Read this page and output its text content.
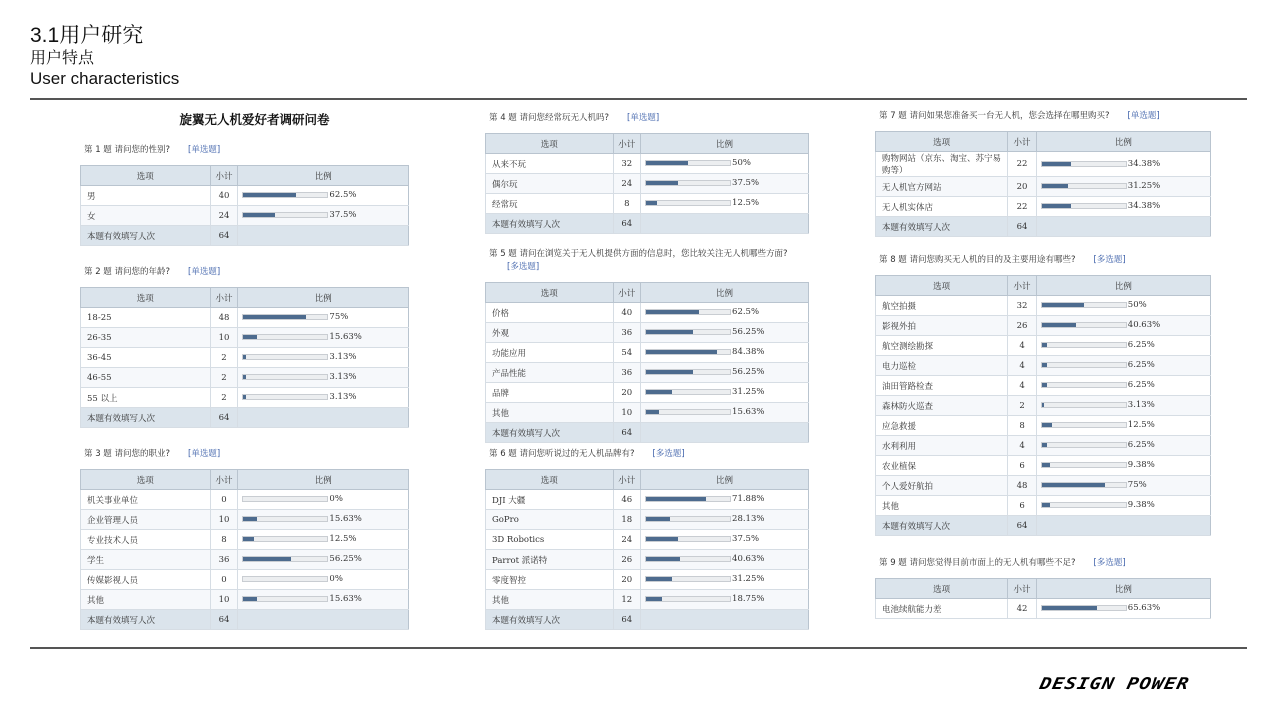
3.1用户研究
用户特点
User characteristics
旋翼无人机爱好者调研问卷
第 1 题 请问您的性别? [单选题]
选项	小计	比例
男	40	62.5%
女	24	37.5%
本题有效填写人次	64	
第 2 题 请问您的年龄? [单选题]
选项	小计	比例
18-25	48	75%
26-35	10	15.63%
36-45	2	3.13%
46-55	2	3.13%
55 以上	2	3.13%
本题有效填写人次	64	
第 3 题 请问您的职业? [单选题]
选项	小计	比例
机关事业单位	0	0%
企业管理人员	10	15.63%
专业技术人员	8	12.5%
学生	36	56.25%
传媒影视人员	0	0%
其他	10	15.63%
本题有效填写人次	64	
第 4 题 请问您经常玩无人机吗? [单选题]
选项	小计	比例
从来不玩	32	50%
偶尔玩	24	37.5%
经常玩	8	12.5%
本题有效填写人次	64	
第 5 题 请问在浏览关于无人机提供方面的信息时，您比较关注无人机哪些方面?[多选题]
选项	小计	比例
价格	40	62.5%
外观	36	56.25%
功能应用	54	84.38%
产品性能	36	56.25%
品牌	20	31.25%
其他	10	15.63%
本题有效填写人次	64	
第 6 题 请问您听说过的无人机品牌有? [多选题]
选项	小计	比例
DJI 大疆	46	71.88%
GoPro	18	28.13%
3D Robotics	24	37.5%
Parrot 派诺特	26	40.63%
零度智控	20	31.25%
其他	12	18.75%
本题有效填写人次	64	
第 7 题 请问如果您准备买一台无人机，您会选择在哪里购买? [单选题]
选项	小计	比例
购物网站（京东、淘宝、苏宁易购等）	22	34.38%
无人机官方网站	20	31.25%
无人机实体店	22	34.38%
本题有效填写人次	64	
第 8 题 请问您购买无人机的目的及主要用途有哪些? [多选题]
选项	小计	比例
航空拍摄	32	50%
影视外拍	26	40.63%
航空测绘勘探	4	6.25%
电力巡检	4	6.25%
油田管路检查	4	6.25%
森林防火巡查	2	3.13%
应急救援	8	12.5%
水利利用	4	6.25%
农业植保	6	9.38%
个人爱好航拍	48	75%
其他	6	9.38%
本题有效填写人次	64	
第 9 题 请问您觉得目前市面上的无人机有哪些不足? [多选题]
选项	小计	比例
电池续航能力差	42	65.63%
DESIGN POWER
